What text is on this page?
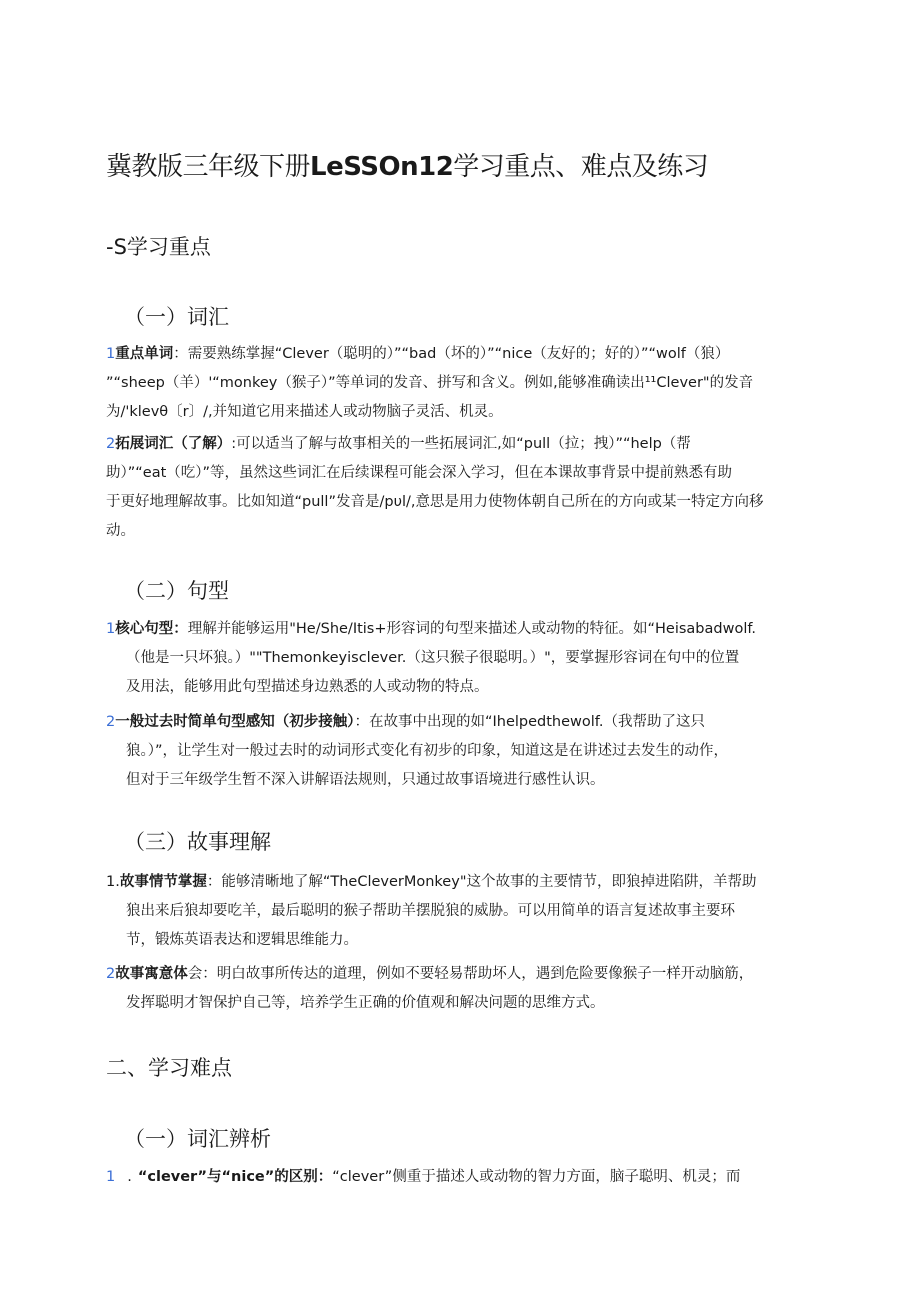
冀教版三年级下册LeSSOn12学习重点、难点及练习
-S学习重点
（一）词汇
1重点单词：需要熟练掌握“Clever（聪明的）”“bad（坏的）”“nice（友好的；好的）”“wolf（狼）
”“sheep（羊）'“monkey（猴子）”等单词的发音、拼写和含义。例如,能够准确读出¹¹Clever"的发音
为/'klevθ〔r〕/,并知道它用来描述人或动物脑子灵活、机灵。
2拓展词汇（了解）:可以适当了解与故事相关的一些拓展词汇,如“pull（拉；拽）”“help（帮
助）”“eat（吃）”等，虽然这些词汇在后续课程可能会深入学习，但在本课故事背景中提前熟悉有助
于更好地理解故事。比如知道“pull”发音是/pυl/,意思是用力使物体朝自己所在的方向或某一特定方向移
动。
（二）句型
1核心句型：理解并能够运用"He/She/Itis+形容词的句型来描述人或动物的特征。如“Heisabadwolf.
（他是一只坏狼。）""Themonkeyisclever.（这只猴子很聪明。）"，要掌握形容词在句中的位置
及用法，能够用此句型描述身边熟悉的人或动物的特点。
2一般过去时简单句型感知（初步接触）：在故事中出现的如“Ihelpedthewolf.（我帮助了这只
狼。）”，让学生对一般过去时的动词形式变化有初步的印象，知道这是在讲述过去发生的动作，
但对于三年级学生暂不深入讲解语法规则，只通过故事语境进行感性认识。
（三）故事理解
1.故事情节掌握：能够清晰地了解“TheCleverMonkey"这个故事的主要情节，即狼掉进陷阱，羊帮助
狼出来后狼却要吃羊，最后聪明的猴子帮助羊摆脱狼的威胁。可以用简单的语言复述故事主要环
节，锻炼英语表达和逻辑思维能力。
2故事寓意体会：明白故事所传达的道理，例如不要轻易帮助坏人，遇到危险要像猴子一样开动脑筋，
发挥聪明才智保护自己等，培养学生正确的价值观和解决问题的思维方式。
二、学习难点
（一）词汇辨析
1 . “clever”与“nice”的区别：“clever”侧重于描述人或动物的智力方面，脑子聪明、机灵；而
